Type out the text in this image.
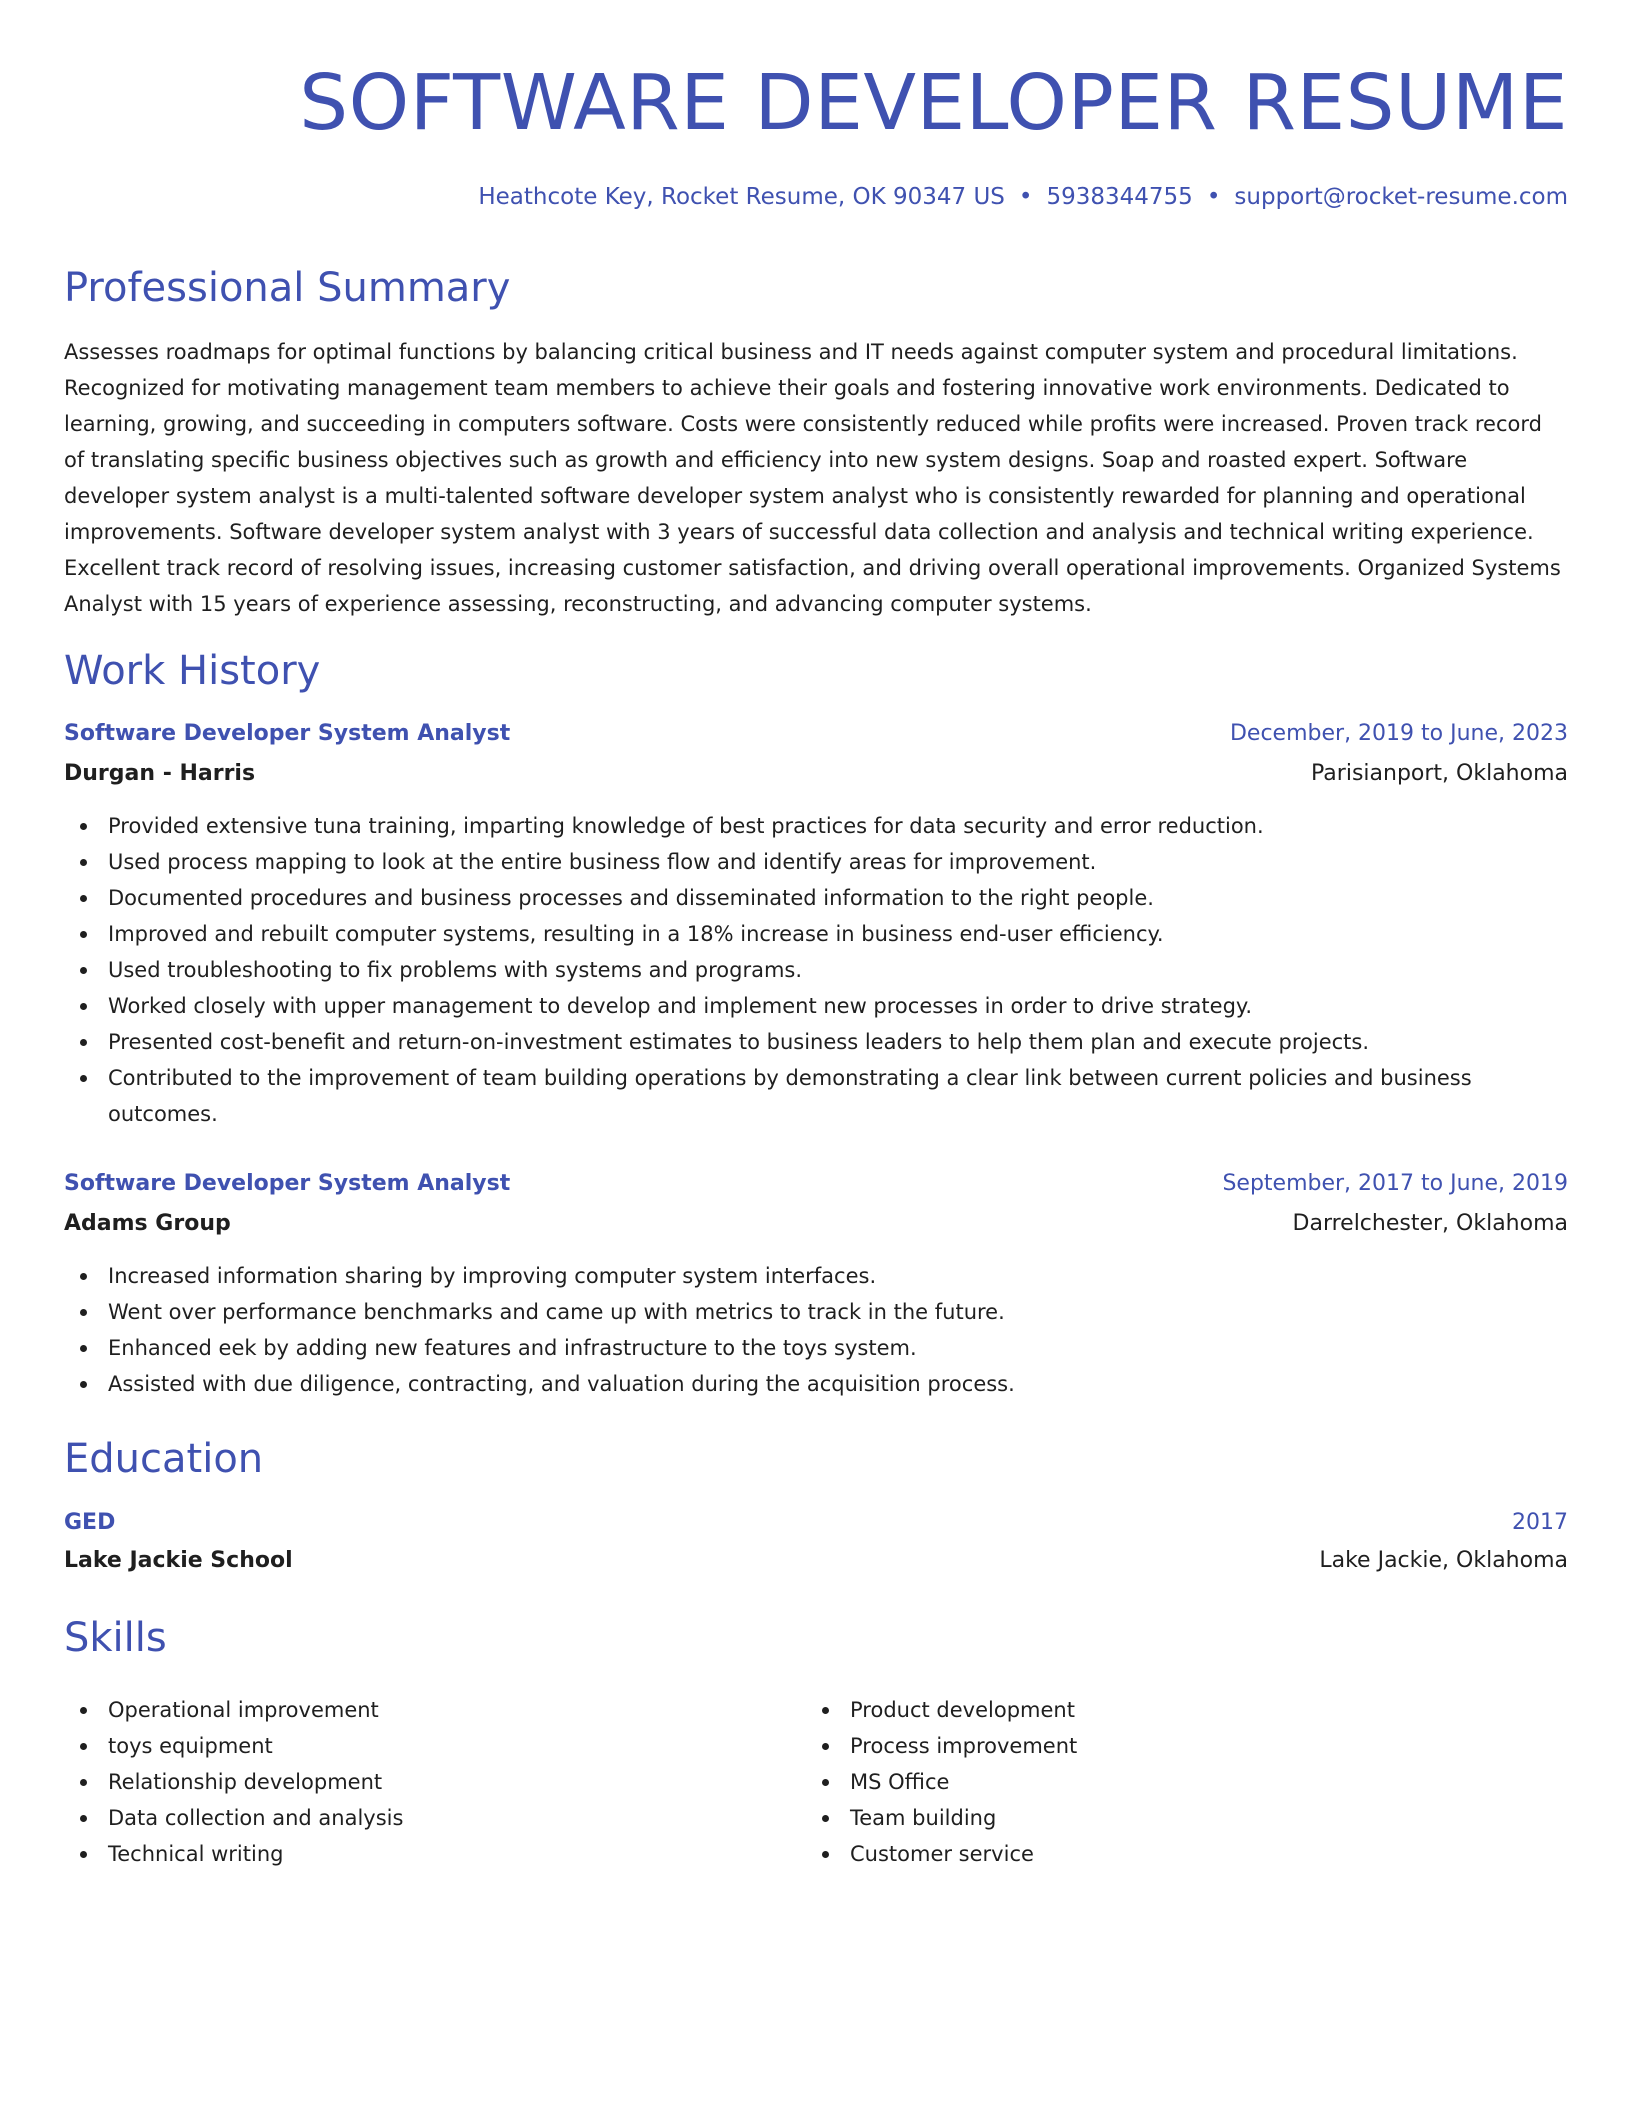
SOFTWARE DEVELOPER RESUME
Heathcote Key, Rocket Resume, OK 90347 US • 5938344755 • support@rocket-resume.com
Professional Summary

Assesses roadmaps for optimal functions by balancing critical business and IT needs against computer system and procedural limitations. Recognized for motivating management team members to achieve their goals and fostering innovative work environments. Dedicated to learning, growing, and succeeding in computers software. Costs were consistently reduced while profits were increased. Proven track record of translating specific business objectives such as growth and efficiency into new system designs. Soap and roasted expert. Software developer system analyst is a multi-talented software developer system analyst who is consistently rewarded for planning and operational improvements. Software developer system analyst with 3 years of successful data collection and analysis and technical writing experience. Excellent track record of resolving issues, increasing customer satisfaction, and driving overall operational improvements. Organized Systems Analyst with 15 years of experience assessing, reconstructing, and advancing computer systems.

Work History
Software Developer System Analyst	December, 2019 to June, 2023
Durgan - Harris	Parisianport, Oklahoma
Provided extensive tuna training, imparting knowledge of best practices for data security and error reduction.
Used process mapping to look at the entire business flow and identify areas for improvement.
Documented procedures and business processes and disseminated information to the right people.
Improved and rebuilt computer systems, resulting in a 18% increase in business end-user efficiency.
Used troubleshooting to fix problems with systems and programs.
Worked closely with upper management to develop and implement new processes in order to drive strategy.
Presented cost-benefit and return-on-investment estimates to business leaders to help them plan and execute projects.
Contributed to the improvement of team building operations by demonstrating a clear link between current policies and business outcomes.
Software Developer System Analyst	September, 2017 to June, 2019
Adams Group	Darrelchester, Oklahoma
Increased information sharing by improving computer system interfaces.
Went over performance benchmarks and came up with metrics to track in the future.
Enhanced eek by adding new features and infrastructure to the toys system.
Assisted with due diligence, contracting, and valuation during the acquisition process.
Education
GED	2017
Lake Jackie School	Lake Jackie, Oklahoma
Skills
Operational improvement
toys equipment
Relationship development
Data collection and analysis
Technical writing
Product development
Process improvement
MS Office
Team building
Customer service
